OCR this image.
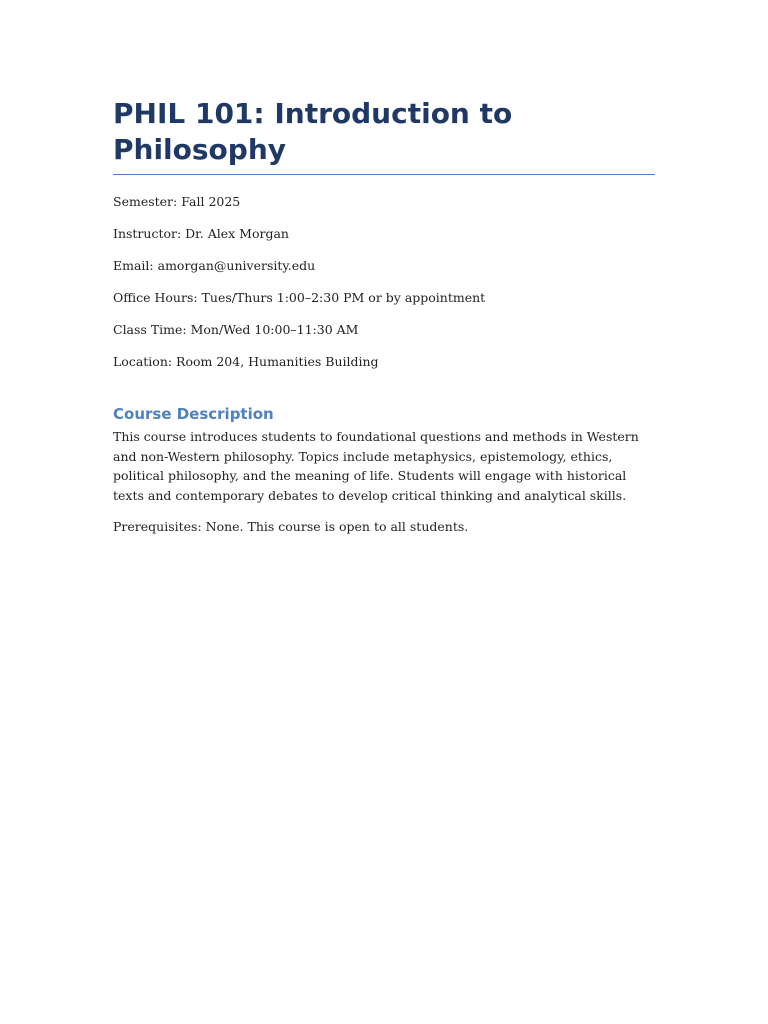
PHIL 101: Introduction to Philosophy

Semester: Fall 2025

Instructor: Dr. Alex Morgan

Email: amorgan@university.edu

Office Hours: Tues/Thurs 1:00–2:30 PM or by appointment

Class Time: Mon/Wed 10:00–11:30 AM

Location: Room 204, Humanities Building

Course Description

This course introduces students to foundational questions and methods in Western and non-Western philosophy. Topics include metaphysics, epistemology, ethics, political philosophy, and the meaning of life. Students will engage with historical texts and contemporary debates to develop critical thinking and analytical skills.

Prerequisites: None. This course is open to all students.
